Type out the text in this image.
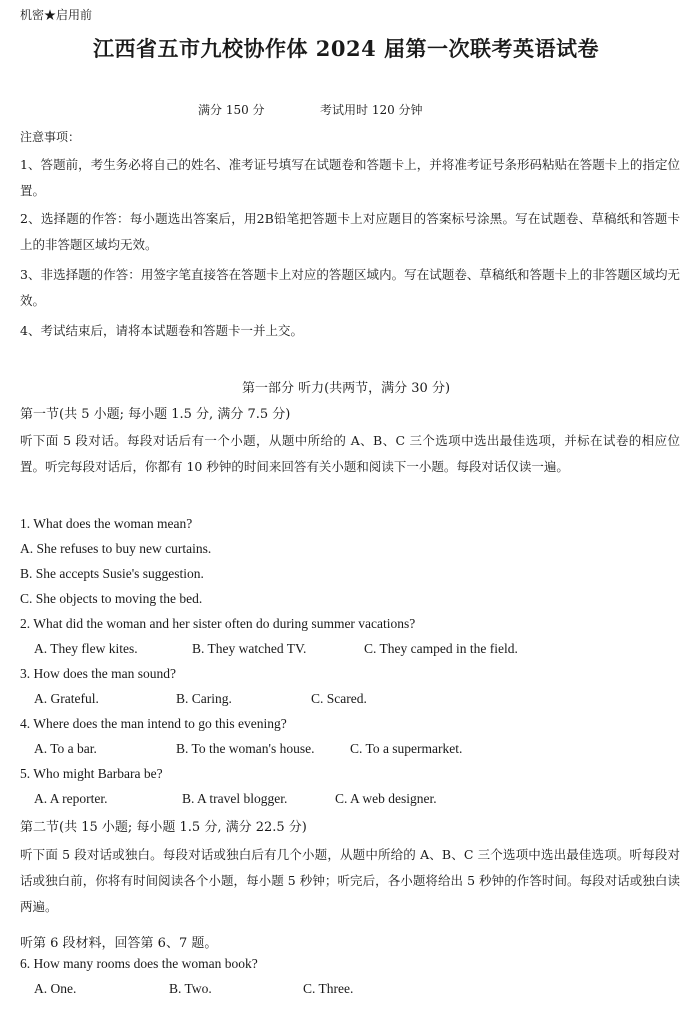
机密★启用前
江西省五市九校协作体 2024 届第一次联考英语试卷
满分 150 分	考试用时 120 分钟
注意事项：
1、答题前，考生务必将自己的姓名、准考证号填写在试题卷和答题卡上，并将准考证号条形码粘贴在答题卡上的指定位置。
2、选择题的作答：每小题选出答案后，用2B铅笔把答题卡上对应题目的答案标号涂黑。写在试题卷、草稿纸和答题卡上的非答题区域均无效。
3、非选择题的作答：用签字笔直接答在答题卡上对应的答题区域内。写在试题卷、草稿纸和答题卡上的非答题区域均无效。
4、考试结束后，请将本试题卷和答题卡一并上交。
第一部分 听力(共两节，满分 30 分)
第一节(共 5 小题; 每小题 1.5 分, 满分 7.5 分)
听下面 5 段对话。每段对话后有一个小题，从题中所给的 A、B、C 三个选项中选出最佳选项，并标在试卷的相应位置。听完每段对话后，你都有 10 秒钟的时间来回答有关小题和阅读下一小题。每段对话仅读一遍。
1. What does the woman mean?
A. She refuses to buy new curtains.
B. She accepts Susie's suggestion.
C. She objects to moving the bed.
2. What did the woman and her sister often do during summer vacations?
A. They flew kites.	B. They watched TV.	C. They camped in the field.
3. How does the man sound?
A. Grateful.	B. Caring.	C. Scared.
4. Where does the man intend to go this evening?
A. To a bar.	B. To the woman's house.	C. To a supermarket.
5. Who might Barbara be?
A. A reporter.	B. A travel blogger.	C. A web designer.
第二节(共 15 小题; 每小题 1.5 分, 满分 22.5 分)
听下面 5 段对话或独白。每段对话或独白后有几个小题，从题中所给的 A、B、C 三个选项中选出最佳选项。听每段对话或独白前，你将有时间阅读各个小题，每小题 5 秒钟；听完后，各小题将给出 5 秒钟的作答时间。每段对话或独白读两遍。
听第 6 段材料，回答第 6、7 题。
6. How many rooms does the woman book?
A. One.	B. Two.	C. Three.
